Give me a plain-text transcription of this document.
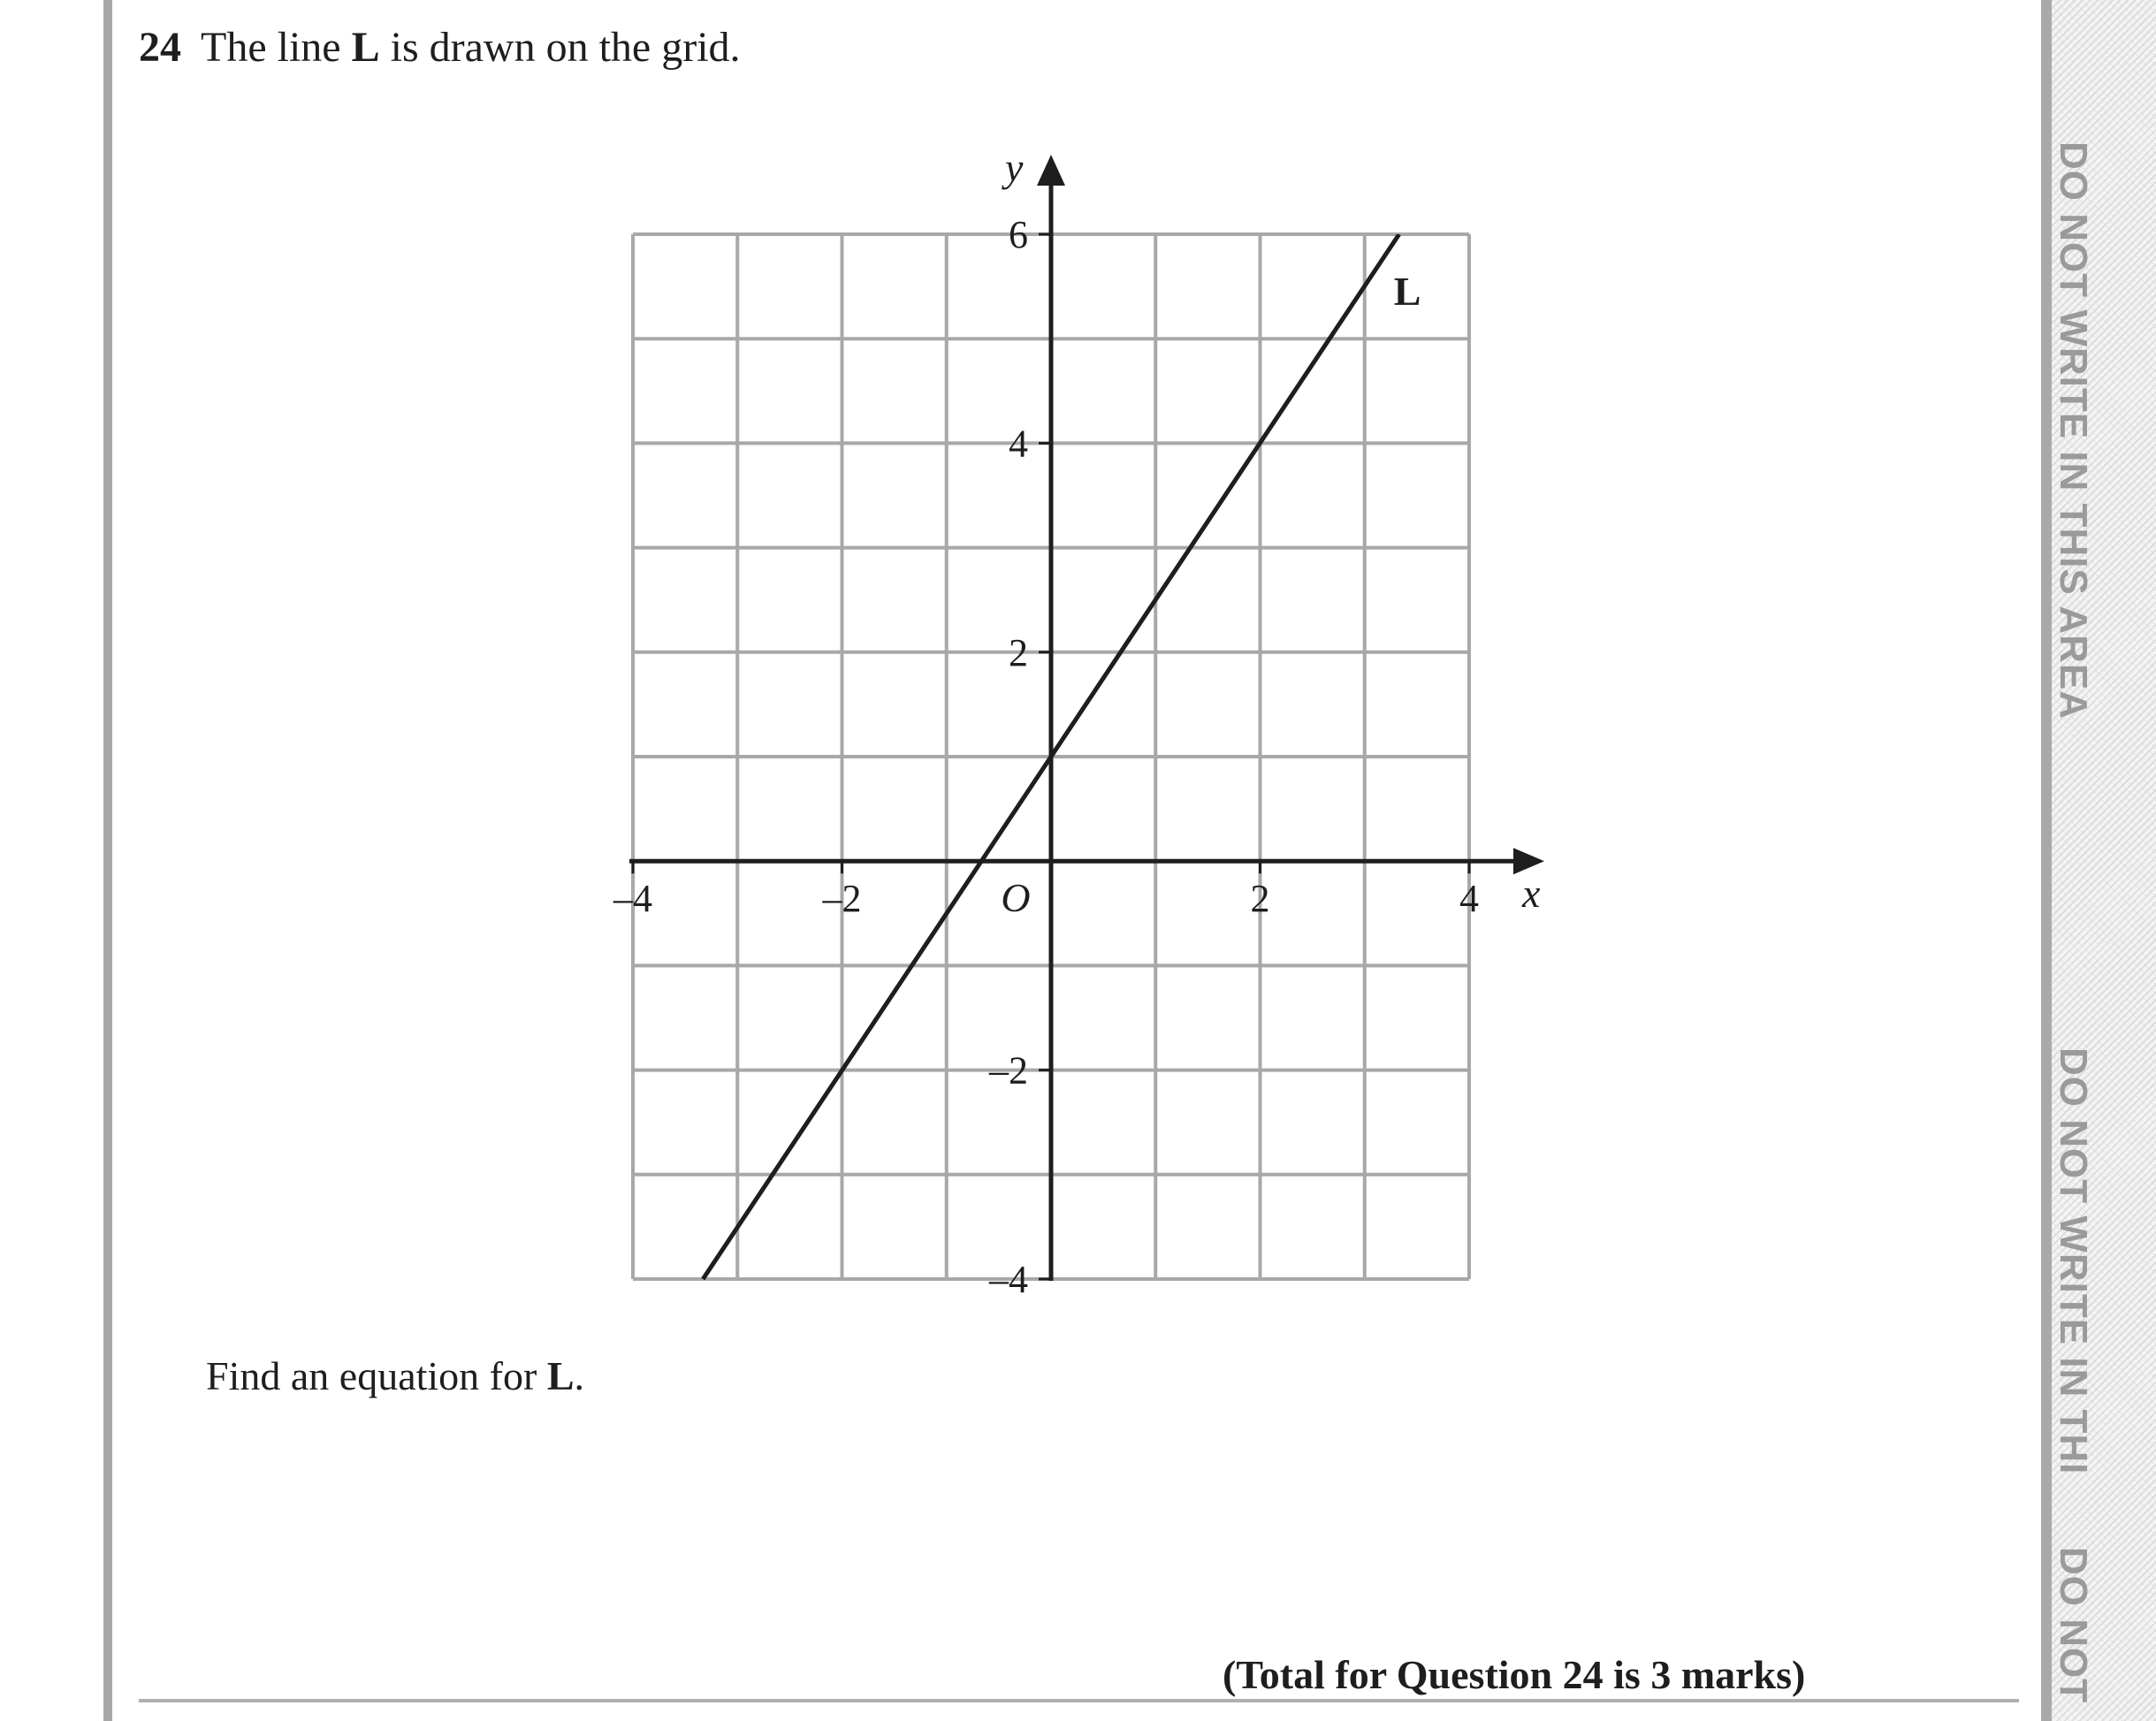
24 The line L is drawn on the grid.
–4	–2	2	4
6
4
2
–2
–4
x
y
O
L
Find an equation for L.
(Total for Question 24 is 3 marks)
DO NOT WRITE IN THIS AREA
DO NOT WRITE IN THI
DO NOT
